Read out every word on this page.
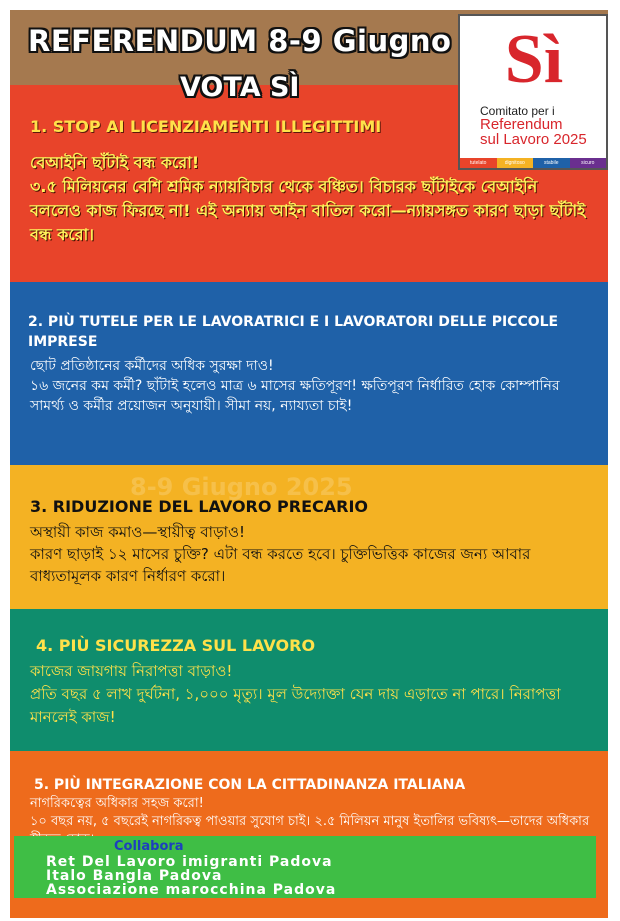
REFERENDUM 8-9 Giugno
VOTA SÌ	Sì
Comitato per i
Referendum
sul Lavoro 2025
tutelato	dignitoso	stabile	sicuro
1. STOP AI LICENZIAMENTI ILLEGITTIMI

বেআইনি ছাঁটাই বন্ধ করো!

৩.৫ মিলিয়নের বেশি শ্রমিক ন্যায়বিচার থেকে বঞ্চিত। বিচারক ছাঁটাইকে বেআইনি বললেও কাজ ফিরছে না! এই অন্যায় আইন বাতিল করো—ন্যায়সঙ্গত কারণ ছাড়া ছাঁটাই বন্ধ করো।

2. PIÙ TUTELE PER LE LAVORATRICI E I LAVORATORI DELLE PICCOLE IMPRESE

ছোট প্রতিষ্ঠানের কর্মীদের অধিক সুরক্ষা দাও!

১৬ জনের কম কর্মী? ছাঁটাই হলেও মাত্র ৬ মাসের ক্ষতিপূরণ! ক্ষতিপূরণ নির্ধারিত হোক কোম্পানির সামর্থ্য ও কর্মীর প্রয়োজন অনুযায়ী। সীমা নয়, ন্যায্যতা চাই!

8-9 Giugno 2025
3. RIDUZIONE DEL LAVORO PRECARIO

অস্থায়ী কাজ কমাও—স্থায়ীত্ব বাড়াও!

কারণ ছাড়াই ১২ মাসের চুক্তি? এটা বন্ধ করতে হবে। চুক্তিভিত্তিক কাজের জন্য আবার বাধ্যতামূলক কারণ নির্ধারণ করো।

4. PIÙ SICUREZZA SUL LAVORO

কাজের জায়গায় নিরাপত্তা বাড়াও!

প্রতি বছর ৫ লাখ দুর্ঘটনা, ১,০০০ মৃত্যু। মূল উদ্যোক্তা যেন দায় এড়াতে না পারে। নিরাপত্তা মানলেই কাজ!

5. PIÙ INTEGRAZIONE CON LA CITTADINANZA ITALIANA

নাগরিকত্বের অধিকার সহজ করো!

১০ বছর নয়, ৫ বছরেই নাগরিকত্ব পাওয়ার সুযোগ চাই। ২.৫ মিলিয়ন মানুষ ইতালির ভবিষ্যৎ—তাদের অধিকার

Collabora
Ret Del Lavoro imigranti Padova
Italo Bangla Padova
Associazione marocchina Padova
